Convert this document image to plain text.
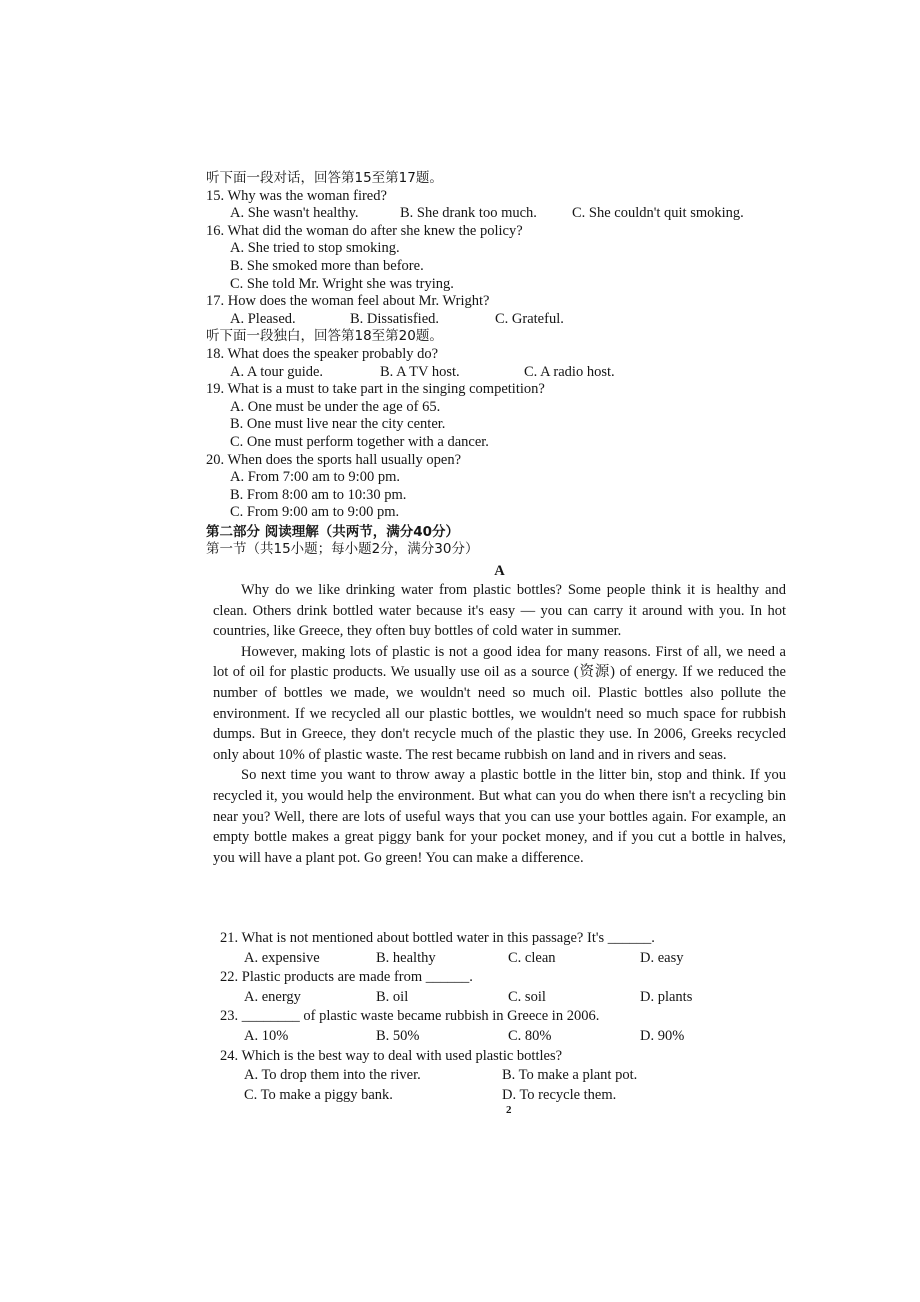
听下面一段对话，回答第15至第17题。
15. Why was the woman fired?
A. She wasn't healthy.	B. She drank too much.	C. She couldn't quit smoking.
16. What did the woman do after she knew the policy?
A. She tried to stop smoking.
B. She smoked more than before.
C. She told Mr. Wright she was trying.
17. How does the woman feel about Mr. Wright?
A. Pleased.	B. Dissatisfied.	C. Grateful.
听下面一段独白，回答第18至第20题。
18. What does the speaker probably do?
A. A tour guide.	B. A TV host.	C. A radio host.
19. What is a must to take part in the singing competition?
A. One must be under the age of 65.
B. One must live near the city center.
C. One must perform together with a dancer.
20. When does the sports hall usually open?
A. From 7:00 am to 9:00 pm.
B. From 8:00 am to 10:30 pm.
C. From 9:00 am to 9:00 pm.
第二部分 阅读理解（共两节，满分40分）
第一节（共15小题；每小题2分，满分30分）
A

Why do we like drinking water from plastic bottles? Some people think it is healthy and clean. Others drink bottled water because it's easy — you can carry it around with you. In hot countries, like Greece, they often buy bottles of cold water in summer.

However, making lots of plastic is not a good idea for many reasons. First of all, we need a lot of oil for plastic products. We usually use oil as a source (资源) of energy. If we reduced the number of bottles we made, we wouldn't need so much oil. Plastic bottles also pollute the environment. If we recycled all our plastic bottles, we wouldn't need so much space for rubbish dumps. But in Greece, they don't recycle much of the plastic they use. In 2006, Greeks recycled only about 10% of plastic waste. The rest became rubbish on land and in rivers and seas.

So next time you want to throw away a plastic bottle in the litter bin, stop and think. If you recycled it, you would help the environment. But what can you do when there isn't a recycling bin near you? Well, there are lots of useful ways that you can use your bottles again. For example, an empty bottle makes a great piggy bank for your pocket money, and if you cut a bottle in halves, you will have a plant pot. Go green! You can make a difference.

21. What is not mentioned about bottled water in this passage? It's ______.
A. expensive	B. healthy	C. clean	D. easy
22. Plastic products are made from ______.
A. energy	B. oil	C. soil	D. plants
23. ________ of plastic waste became rubbish in Greece in 2006.
A. 10%	B. 50%	C. 80%	D. 90%
24. Which is the best way to deal with used plastic bottles?
A. To drop them into the river.	B. To make a plant pot.
C. To make a piggy bank.	D. To recycle them.
2
